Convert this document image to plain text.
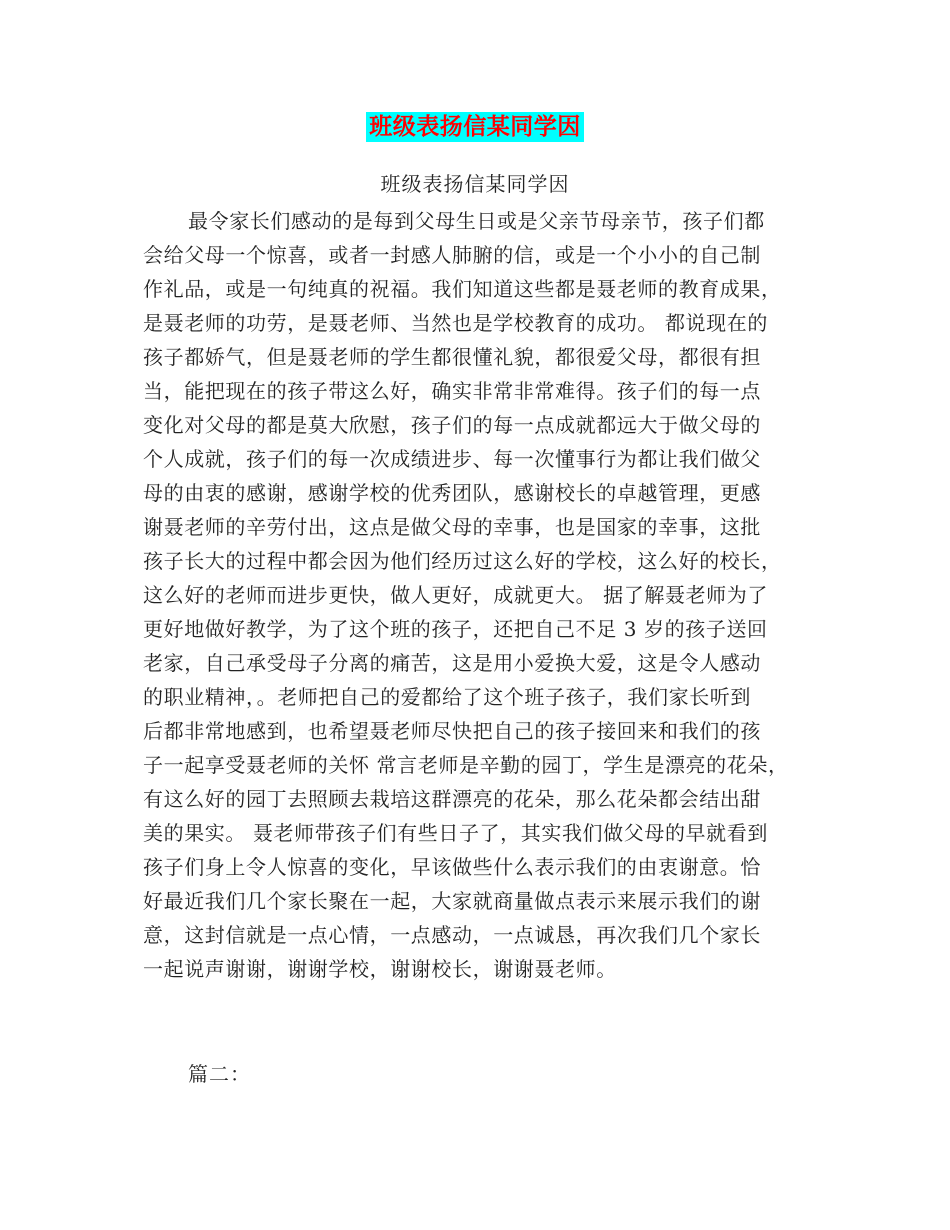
班级表扬信某同学因
班级表扬信某同学因
最令家长们感动的是每到父母生日或是父亲节母亲节，孩子们都
会给父母一个惊喜，或者一封感人肺腑的信，或是一个小小的自己制
作礼品，或是一句纯真的祝福。我们知道这些都是聂老师的教育成果，
是聂老师的功劳，是聂老师、当然也是学校教育的成功。 都说现在的
孩子都娇气，但是聂老师的学生都很懂礼貌，都很爱父母，都很有担
当，能把现在的孩子带这么好，确实非常非常难得。孩子们的每一点
变化对父母的都是莫大欣慰，孩子们的每一点成就都远大于做父母的
个人成就，孩子们的每一次成绩进步、每一次懂事行为都让我们做父
母的由衷的感谢，感谢学校的优秀团队，感谢校长的卓越管理，更感
谢聂老师的辛劳付出，这点是做父母的幸事，也是国家的幸事，这批
孩子长大的过程中都会因为他们经历过这么好的学校，这么好的校长，
这么好的老师而进步更快，做人更好，成就更大。 据了解聂老师为了
更好地做好教学，为了这个班的孩子，还把自己不足 3 岁的孩子送回
老家，自己承受母子分离的痛苦，这是用小爱换大爱，这是令人感动
的职业精神，。老师把自己的爱都给了这个班子孩子，我们家长听到
后都非常地感到，也希望聂老师尽快把自己的孩子接回来和我们的孩
子一起享受聂老师的关怀 常言老师是辛勤的园丁，学生是漂亮的花朵，
有这么好的园丁去照顾去栽培这群漂亮的花朵，那么花朵都会结出甜
美的果实。 聂老师带孩子们有些日子了，其实我们做父母的早就看到
孩子们身上令人惊喜的变化，早该做些什么表示我们的由衷谢意。恰
好最近我们几个家长聚在一起，大家就商量做点表示来展示我们的谢
意，这封信就是一点心情，一点感动，一点诚恳，再次我们几个家长
一起说声谢谢，谢谢学校，谢谢校长，谢谢聂老师。
篇二：
